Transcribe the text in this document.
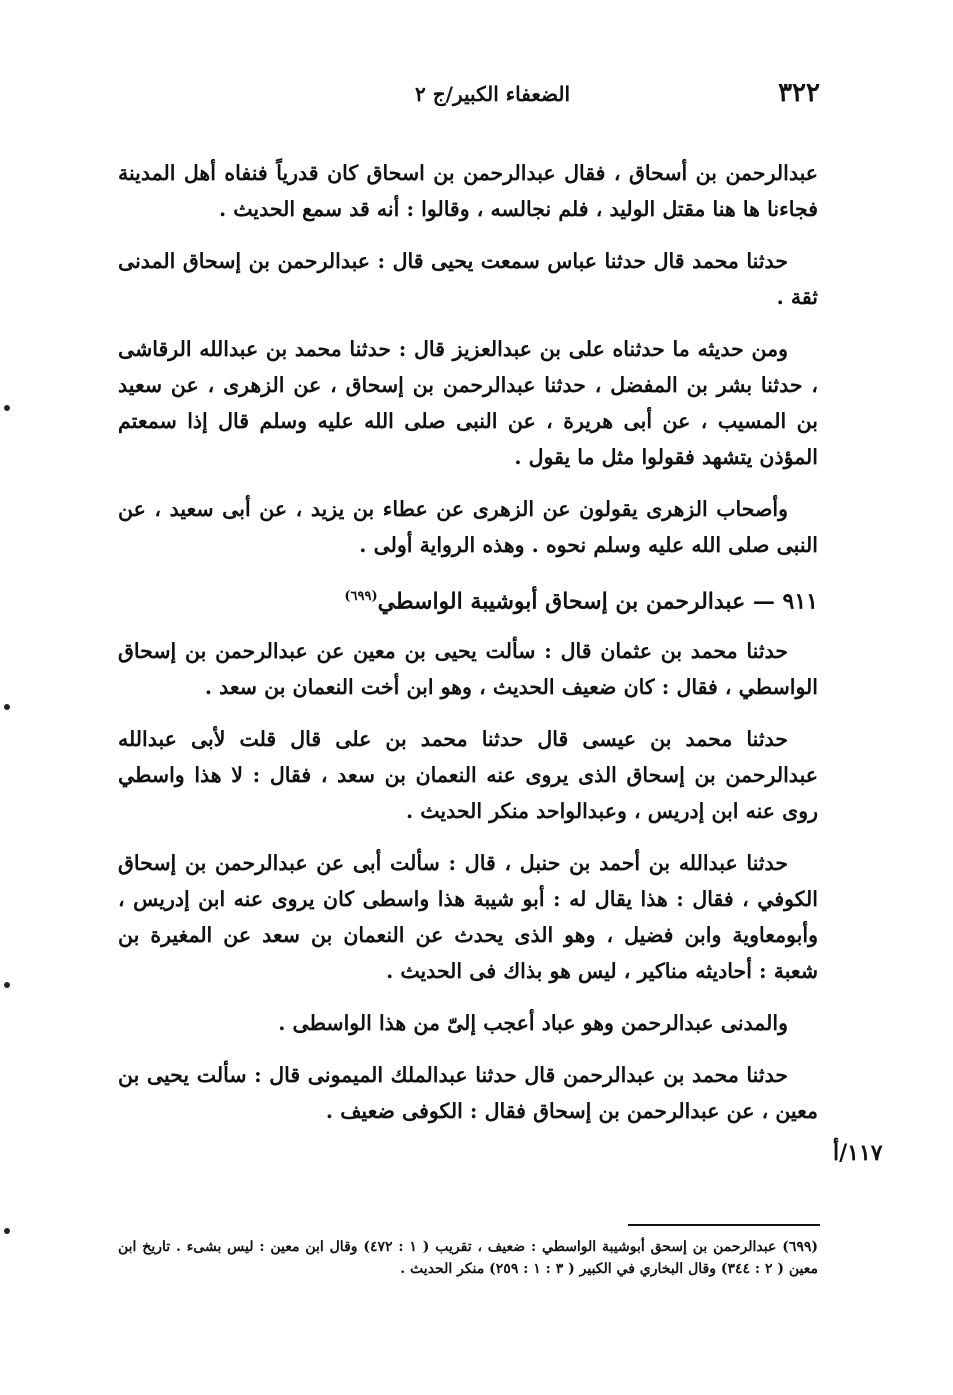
٣٢٢
الضعفاء الكبير/ج ٢

عبدالرحمن بن أسحاق ، فقال عبدالرحمن بن اسحاق كان قدرياً فنفاه أهل المدينة فجاءنا ها هنا مقتل الوليد ، فلم نجالسه ، وقالوا : أنه قد سمع الحديث .

حدثنا محمد قال حدثنا عباس سمعت يحيى قال : عبدالرحمن بن إسحاق المدنى ثقة .

ومن حديثه ما حدثناه على بن عبدالعزيز قال : حدثنا محمد بن عبدالله الرقاشى ، حدثنا بشر بن المفضل ، حدثنا عبدالرحمن بن إسحاق ، عن الزهرى ، عن سعيد بن المسيب ، عن أبى هريرة ، عن النبى صلى الله عليه وسلم قال إذا سمعتم المؤذن يتشهد فقولوا مثل ما يقول .

وأصحاب الزهرى يقولون عن الزهرى عن عطاء بن يزيد ، عن أبى سعيد ، عن النبى صلى الله عليه وسلم نحوه . وهذه الرواية أولى .

٩١١ — عبدالرحمن بن إسحاق أبوشيبة الواسطي$^{(٦٩٩)}$

حدثنا محمد بن عثمان قال : سألت يحيى بن معين عن عبدالرحمن بن إسحاق الواسطي ، فقال : كان ضعيف الحديث ، وهو ابن أخت النعمان بن سعد .

حدثنا محمد بن عيسى قال حدثنا محمد بن على قال قلت لأبى عبدالله عبدالرحمن بن إسحاق الذى يروى عنه النعمان بن سعد ، فقال : لا هذا واسطي روى عنه ابن إدريس ، وعبدالواحد منكر الحديث .

حدثنا عبدالله بن أحمد بن حنبل ، قال : سألت أبى عن عبدالرحمن بن إسحاق الكوفي ، فقال : هذا يقال له : أبو شيبة هذا واسطى كان يروى عنه ابن إدريس ، وأبومعاوية وابن فضيل ، وهو الذى يحدث عن النعمان بن سعد عن المغيرة بن شعبة : أحاديثه مناكير ، ليس هو بذاك فى الحديث .

والمدنى عبدالرحمن وهو عباد أعجب إلىّ من هذا الواسطى .

حدثنا محمد بن عبدالرحمن قال حدثنا عبدالملك الميمونى قال : سألت يحيى بن معين ، عن عبدالرحمن بن إسحاق فقال : الكوفى ضعيف .

١١٧/أ

(٦٩٩) عبدالرحمن بن إسحق أبوشيبة الواسطي : ضعيف ، تقريب ( ١ : ٤٧٢) وقال ابن معين : ليس بشىء . تاريخ ابن معين ( ٢ : ٣٤٤) وقال البخاري في الكبير ( ٣ : ١ : ٢٥٩) منكر الحديث .
